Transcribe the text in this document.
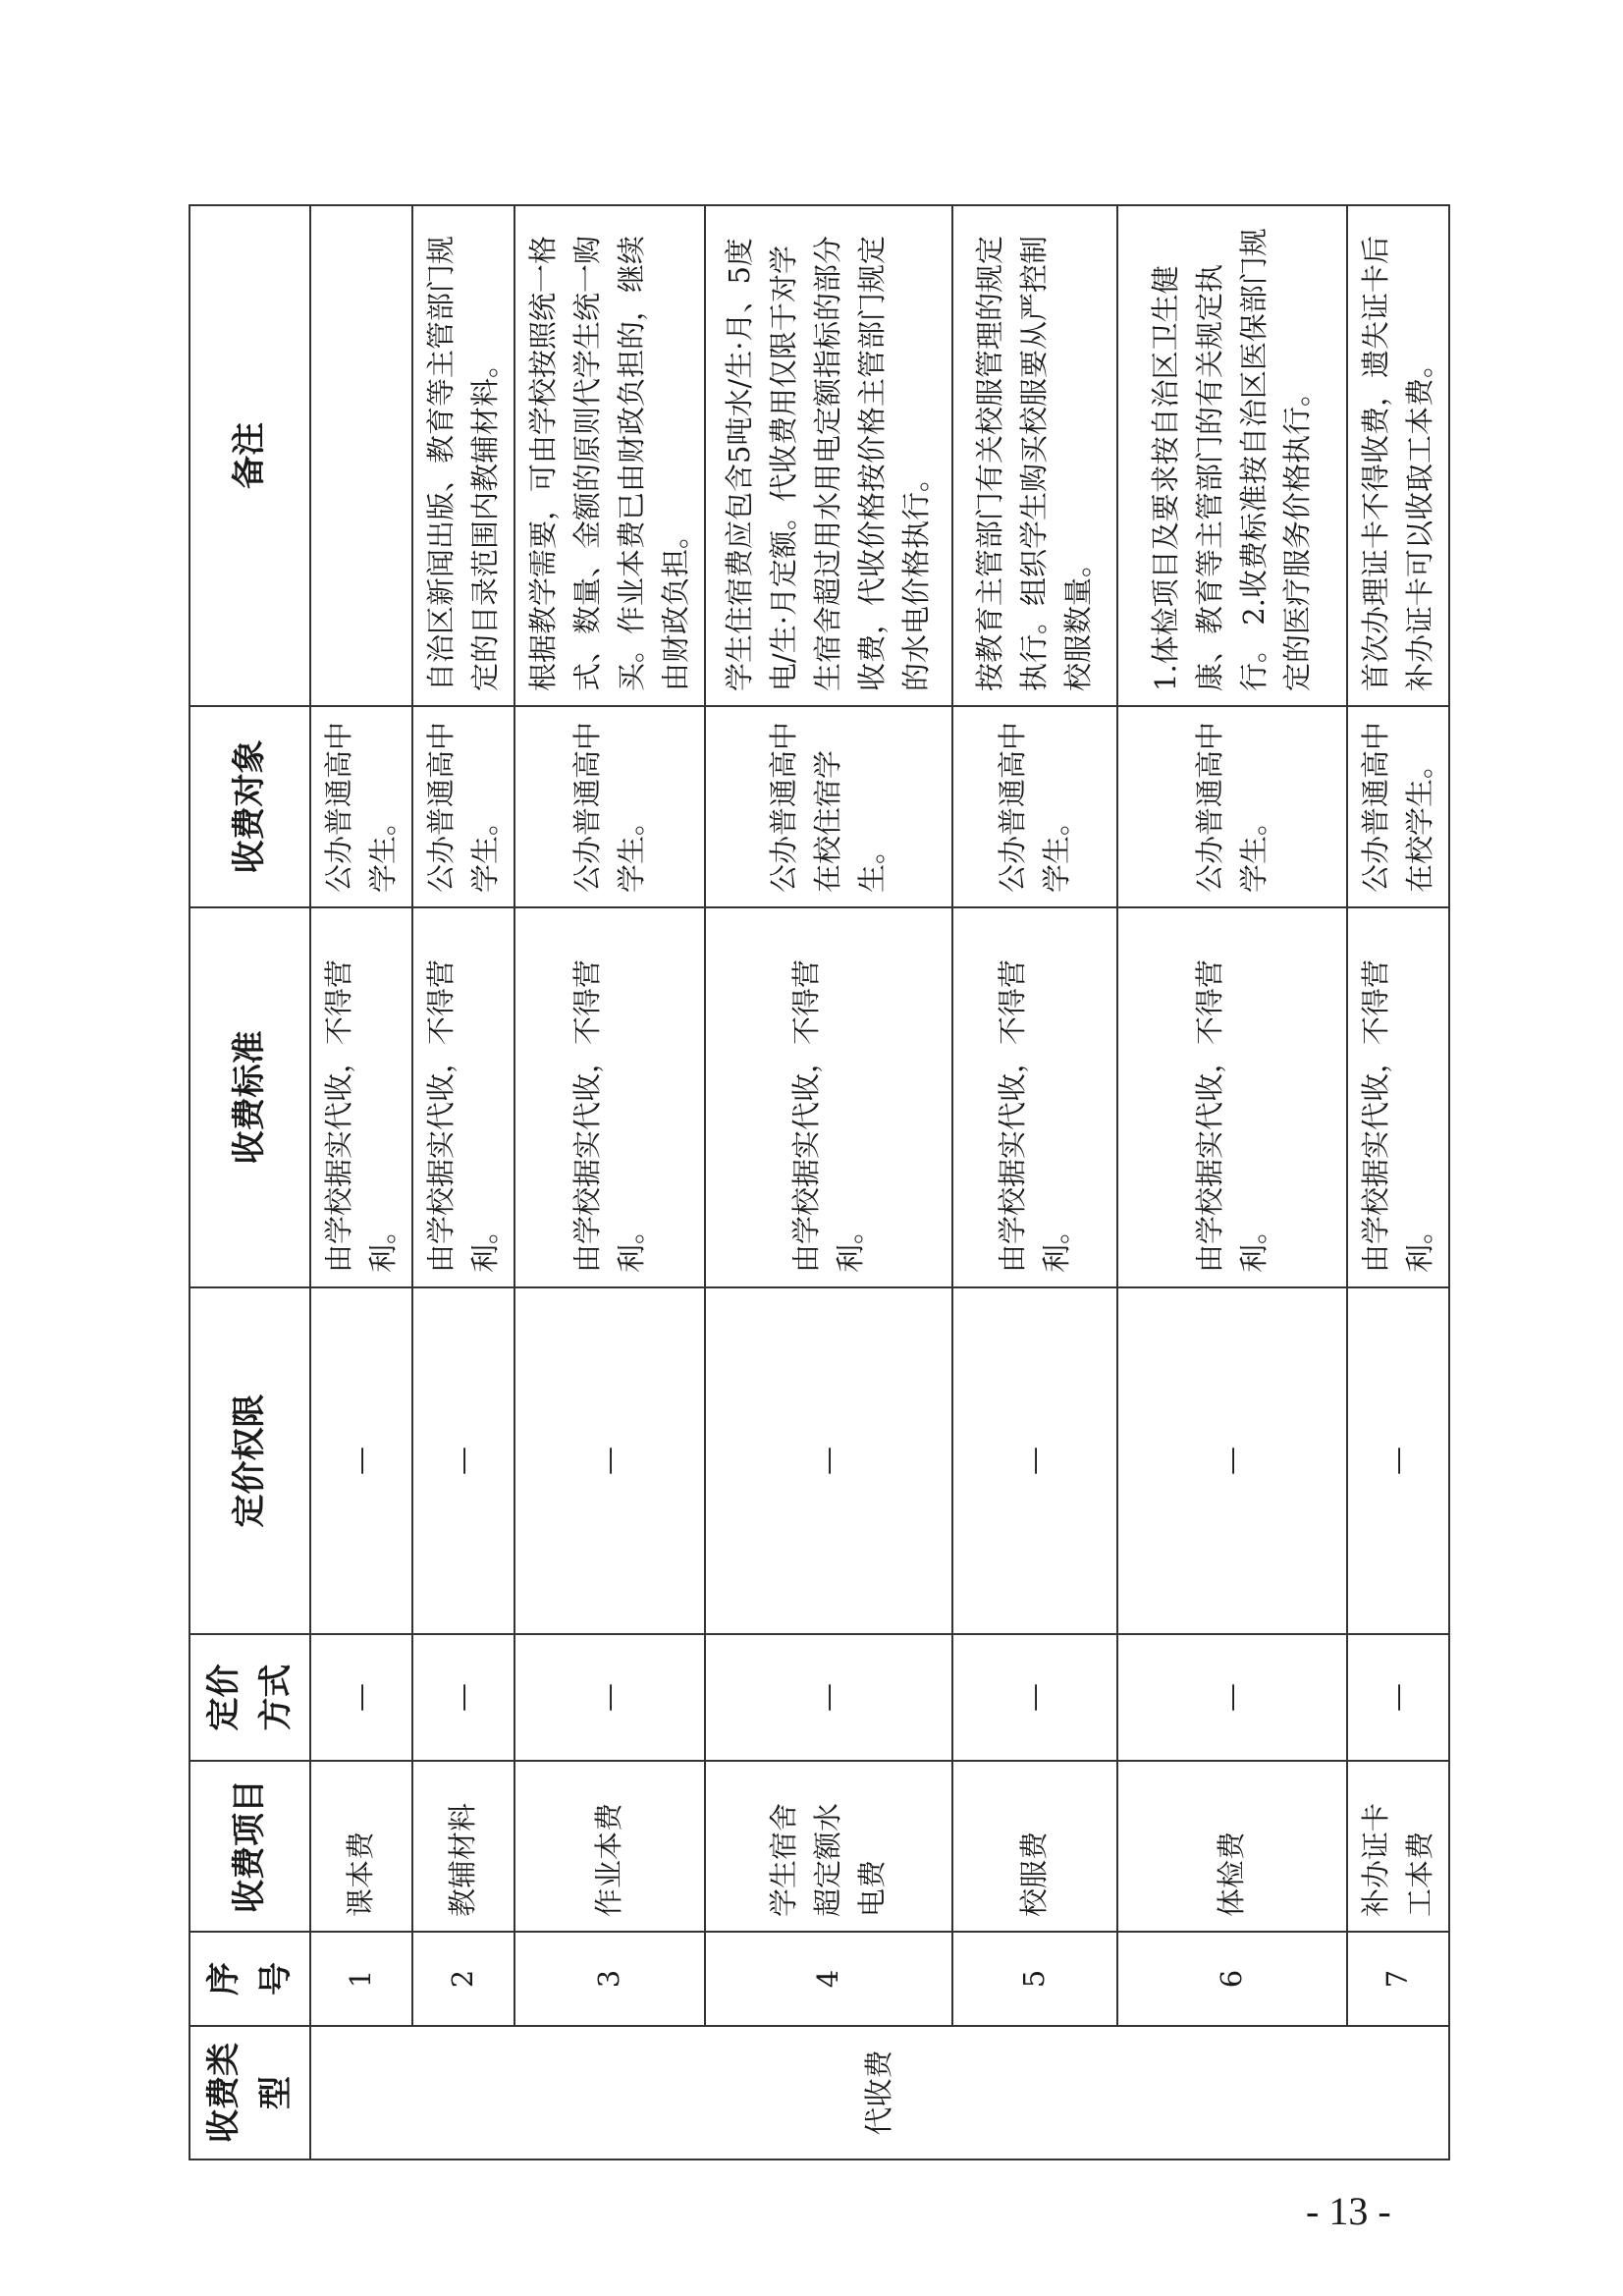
收费类型	序号	收费项目	定价方式	定价权限	收费标准	收费对象	备注
代收费	1	课本费	—	—	由学校据实代收，不得营利。	公办普通高中学生。	
	2	教辅材料	—	—	由学校据实代收，不得营利。	公办普通高中学生。	自治区新闻出版、教育等主管部门规定的目录范围内教辅材料。
	3	作业本费	—	—	由学校据实代收，不得营利。	公办普通高中学生。	根据教学需要，可由学校按照统一格式、数量、金额的原则代学生统一购买。作业本费已由财政负担的，继续由财政负担。
	4	学生宿舍超定额水电费	—	—	由学校据实代收，不得营利。	公办普通高中在校住宿学生。	学生住宿费应包含5吨水/生·月、5度电/生·月定额。代收费用仅限于对学生宿舍超过用水用电定额指标的部分收费，代收价格按价格主管部门规定的水电价格执行。
	5	校服费	—	—	由学校据实代收，不得营利。	公办普通高中学生。	按教育主管部门有关校服管理的规定执行。组织学生购买校服要从严控制校服数量。
	6	体检费	—	—	由学校据实代收，不得营利。	公办普通高中学生。	1.体检项目及要求按自治区卫生健康、教育等主管部门的有关规定执行。 2.收费标准按自治区医保部门规定的医疗服务价格执行。
	7	补办证卡工本费	—	—	由学校据实代收，不得营利。	公办普通高中在校学生。	首次办理证卡不得收费，遗失证卡后补办证卡可以收取工本费。
- 13 -
